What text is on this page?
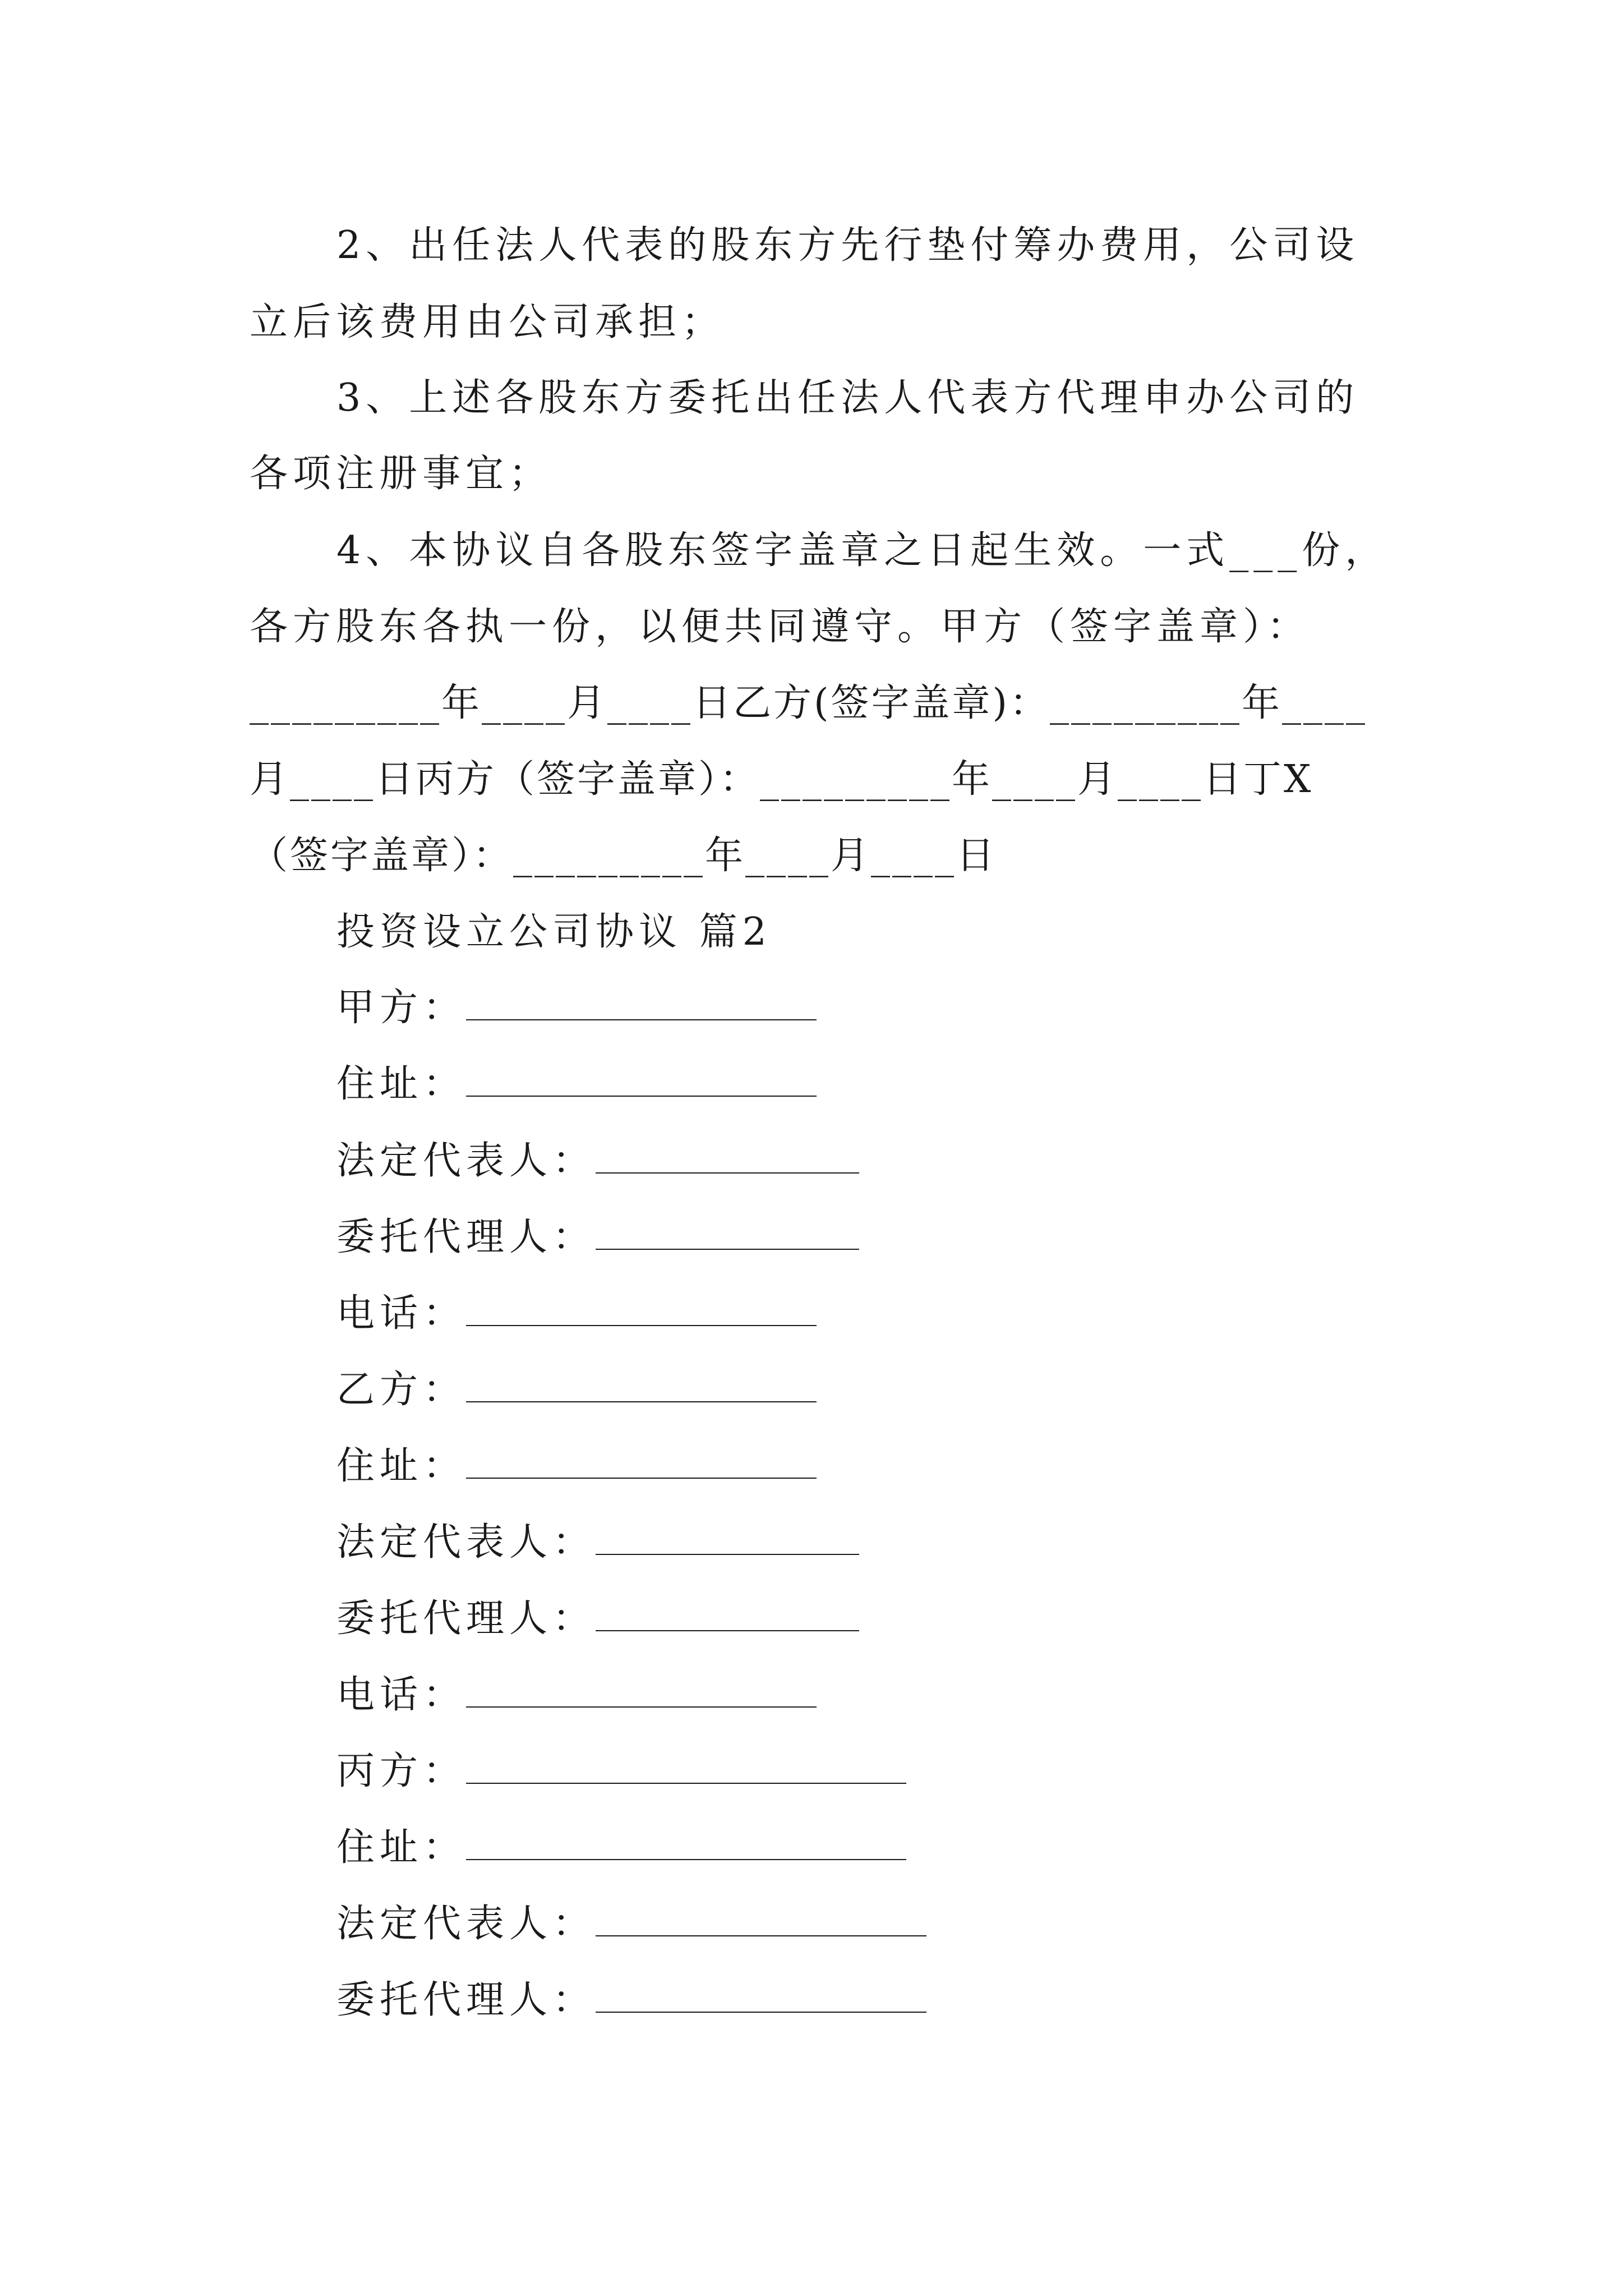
2、出任法人代表的股东方先行垫付筹办费用，公司设
立后该费用由公司承担；
3、上述各股东方委托出任法人代表方代理申办公司的
各项注册事宜；
4、本协议自各股东签字盖章之日起生效。一式___份，
各方股东各执一份，以便共同遵守。甲方（签字盖章）：
_________年____月____日乙方(签字盖章)：_________年____
月____日丙方（签字盖章）：_________年____月____日丁X
（签字盖章）：_________年____月____日
投资设立公司协议 篇2
甲方：
住址：
法定代表人：
委托代理人：
电话：
乙方：
住址：
法定代表人：
委托代理人：
电话：
丙方：
住址：
法定代表人：
委托代理人：
